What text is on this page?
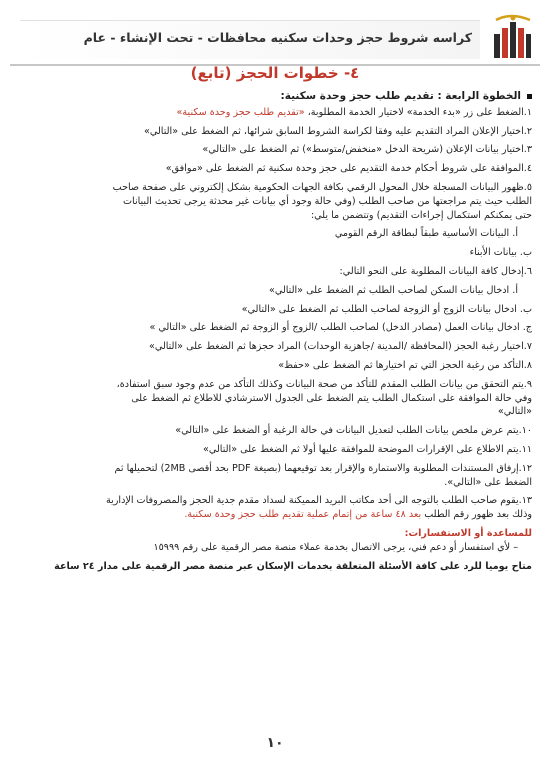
كراسه شروط حجز وحدات سكنيه محافظات - تحت الإنشاء - عام
٤- خطوات الحجز (تابع)
الخطوة الرابعة : تقديم طلب حجز وحدة سكنية:
١.الضغط على زر «بدء الخدمة» لاختيار الخدمة المطلوبة، «تقديم طلب حجز وحدة سكنية»
٢.اختيار الإعلان المراد التقديم عليه وفقا لكراسة الشروط السابق شرائها، ثم الضغط على «التالي»
٣.اختيار بيانات الإعلان (شريحة الدخل «منخفض/متوسط») ثم الضغط على «التالي»
٤.الموافقة على شروط أحكام خدمة التقديم على حجز وحدة سكنية ثم الضغط على «موافق»
٥.ظهور البيانات المسجلة خلال المحول الرقمي بكافة الجهات الحكومية بشكل إلكتروني على صفحة صاحب
الطلب حيث يتم مراجعتها من صاحب الطلب (وفي حالة وجود أي بيانات غير محدثة يرجى تحديث البيانات
حتى يمكنكم استكمال إجراءات التقديم) وتتضمن ما يلي:
أ. البيانات الأساسية طبقاً لبطاقة الرقم القومي
ب. بيانات الأبناء
٦.إدخال كافة البيانات المطلوبة على النحو التالي:
أ. ادخال بيانات السكن لصاحب الطلب ثم الضغط على «التالي»
ب. ادخال بيانات الزوج أو الزوجة لصاحب الطلب ثم الضغط على «التالي»
ج. ادخال بيانات العمل (مصادر الدخل) لصاحب الطلب /الزوج أو الزوجة ثم الضغط على «التالي »
٧.اختيار رغبة الحجز (المحافظة /المدينة /جاهزية الوحدات) المراد حجزها ثم الضغط على «التالي»
٨.التأكد من رغبة الحجز التي تم اختيارها ثم الضغط على «حفظ»
٩.يتم التحقق من بيانات الطلب المقدم للتأكد من صحة البيانات وكذلك التأكد من عدم وجود سبق استفادة،
وفي حالة الموافقة على استكمال الطلب يتم الضغط على الجدول الاسترشادي للاطلاع ثم الضغط على
«التالي»
١٠.يتم عرض ملخص بيانات الطلب لتعديل البيانات في حالة الرغبة أو الضغط على «التالي»
١١.يتم الاطلاع على الإقرارات الموضحة للموافقة عليها أولا ثم الضغط على «التالي»
١٢.إرفاق المستندات المطلوبة والاستمارة والإقرار بعد توقيعهما (بصيغة PDF بحد أقصى 2MB) لتحميلها ثم
الضغط على «التالي».
١٣.يقوم صاحب الطلب بالتوجه الى أحد مكاتب البريد المميكنة لسداد مقدم جدية الحجز والمصروفات الإدارية
وذلك بعد ظهور رقم الطلب بعد ٤٨ ساعة من إتمام عملية تقديم طلب حجز وحدة سكنية.
للمساعدة أو الاستفسارات:
– لأي استفسار أو دعم فني، يرجى الاتصال بخدمة عملاء منصة مصر الرقمية على رقم ١٥٩٩٩
متاح يوميا للرد على كافة الأسئلة المتعلقة بخدمات الإسكان عبر منصة مصر الرقمية على مدار ٢٤ ساعة
١٠
